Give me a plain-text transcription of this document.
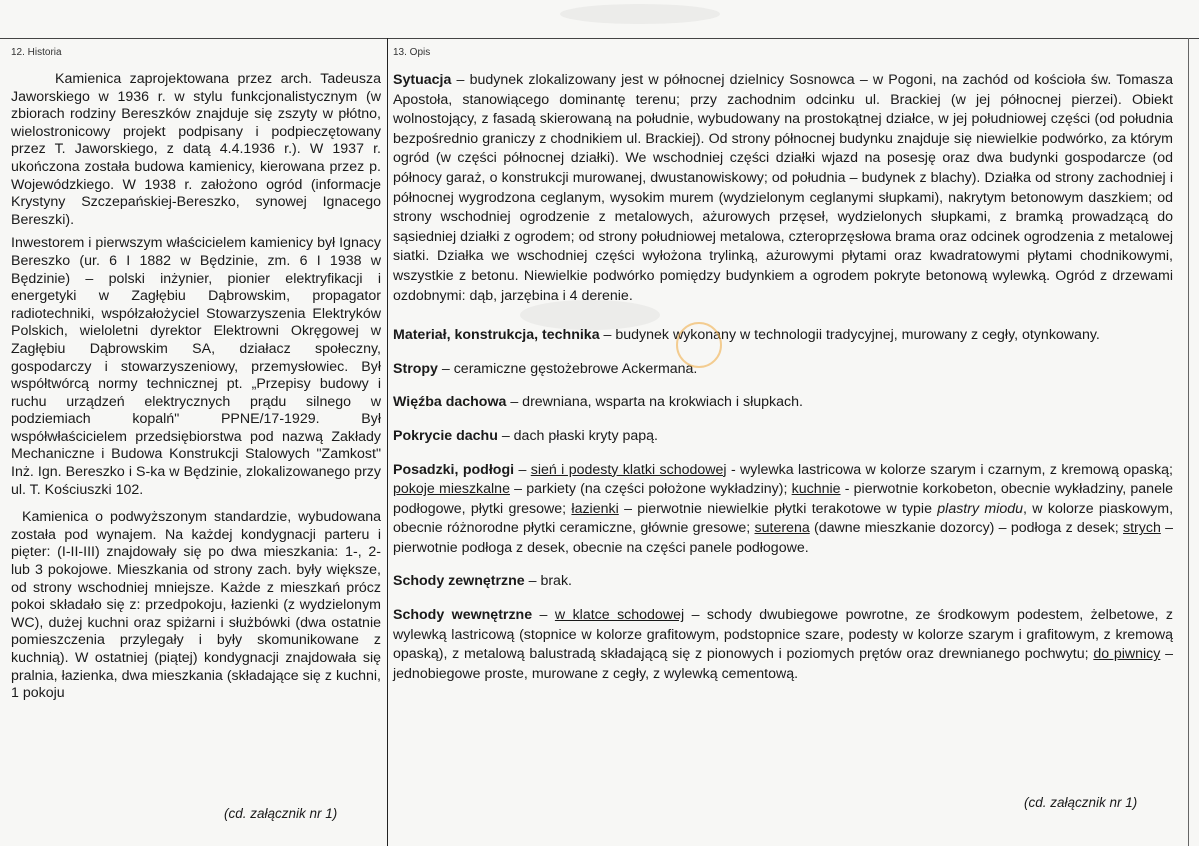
12. Historia	13. Opis

Kamienica zaprojektowana przez arch. Tadeusza Jaworskiego w 1936 r. w stylu funkcjonalistycznym (w zbiorach rodziny Bereszków znajduje się zszyty w płótno, wielostronicowy projekt podpisany i podpieczętowany przez T. Jaworskiego, z datą 4.4.1936 r.). W 1937 r. ukończona została budowa kamienicy, kierowana przez p. Wojewódzkiego. W 1938 r. założono ogród (informacje Krystyny Szczepańskiej-Bereszko, synowej Ignacego Bereszki).

Inwestorem i pierwszym właścicielem kamienicy był Ignacy Bereszko (ur. 6 I 1882 w Będzinie, zm. 6 I 1938 w Będzinie) – polski inżynier, pionier elektryfikacji i energetyki w Zagłębiu Dąbrowskim, propagator radiotechniki, współzałożyciel Stowarzyszenia Elektryków Polskich, wieloletni dyrektor Elektrowni Okręgowej w Zagłębiu Dąbrowskim SA, działacz społeczny, gospodarczy i stowarzyszeniowy, przemysłowiec. Był współtwórcą normy technicznej pt. „Przepisy budowy i ruchu urządzeń elektrycznych prądu silnego w podziemiach kopalń" PPNE/17-1929. Był współwłaścicielem przedsiębiorstwa pod nazwą Zakłady Mechaniczne i Budowa Konstrukcji Stalowych "Zamkost" Inż. Ign. Bereszko i S-ka w Będzinie, zlokalizowanego przy ul. T. Kościuszki 102.

Kamienica o podwyższonym standardzie, wybudowana została pod wynajem. Na każdej kondygnacji parteru i pięter: (I-II-III) znajdowały się po dwa mieszkania: 1-, 2- lub 3 pokojowe. Mieszkania od strony zach. były większe, od strony wschodniej mniejsze. Każde z mieszkań prócz pokoi składało się z: przedpokoju, łazienki (z wydzielonym WC), dużej kuchni oraz spiżarni i służbówki (dwa ostatnie pomieszczenia przylegały i były skomunikowane z kuchnią). W ostatniej (piątej) kondygnacji znajdowała się pralnia, łazienka, dwa mieszkania (składające się z kuchni, 1 pokoju

(cd. załącznik nr 1)

Sytuacja – budynek zlokalizowany jest w północnej dzielnicy Sosnowca – w Pogoni, na zachód od kościoła św. Tomasza Apostoła, stanowiącego dominantę terenu; przy zachodnim odcinku ul. Brackiej (w jej północnej pierzei). Obiekt wolnostojący, z fasadą skierowaną na południe, wybudowany na prostokątnej działce, w jej południowej części (od południa bezpośrednio graniczy z chodnikiem ul. Brackiej). Od strony północnej budynku znajduje się niewielkie podwórko, za którym ogród (w części północnej działki). We wschodniej części działki wjazd na posesję oraz dwa budynki gospodarcze (od północy garaż, o konstrukcji murowanej, dwustanowiskowy; od południa – budynek z blachy). Działka od strony zachodniej i północnej wygrodzona ceglanym, wysokim murem (wydzielonym ceglanymi słupkami), nakrytym betonowym daszkiem; od strony wschodniej ogrodzenie z metalowych, ażurowych przęseł, wydzielonych słupkami, z bramką prowadzącą do sąsiedniej działki z ogrodem; od strony południowej metalowa, czteroprzęsłowa brama oraz odcinek ogrodzenia z metalowej siatki. Działka we wschodniej części wyłożona trylinką, ażurowymi płytami oraz kwadratowymi płytami chodnikowymi, wszystkie z betonu. Niewielkie podwórko pomiędzy budynkiem a ogrodem pokryte betonową wylewką. Ogród z drzewami ozdobnymi: dąb, jarzębina i 4 derenie.

Materiał, konstrukcja, technika – budynek wykonany w technologii tradycyjnej, murowany z cegły, otynkowany.

Stropy – ceramiczne gęstożebrowe Ackermana.

Więźba dachowa – drewniana, wsparta na krokwiach i słupkach.

Pokrycie dachu – dach płaski kryty papą.

Posadzki, podłogi – sień i podesty klatki schodowej - wylewka lastricowa w kolorze szarym i czarnym, z kremową opaską; pokoje mieszkalne – parkiety (na części położone wykładziny); kuchnie - pierwotnie korkobeton, obecnie wykładziny, panele podłogowe, płytki gresowe; łazienki – pierwotnie niewielkie płytki terakotowe w typie plastry miodu, w kolorze piaskowym, obecnie różnorodne płytki ceramiczne, głównie gresowe; suterena (dawne mieszkanie dozorcy) – podłoga z desek; strych – pierwotnie podłoga z desek, obecnie na części panele podłogowe.

Schody zewnętrzne – brak.

Schody wewnętrzne – w klatce schodowej – schody dwubiegowe powrotne, ze środkowym podestem, żelbetowe, z wylewką lastricową (stopnice w kolorze grafitowym, podstopnice szare, podesty w kolorze szarym i grafitowym, z kremową opaską), z metalową balustradą składającą się z pionowych i poziomych prętów oraz drewnianego pochwytu; do piwnicy – jednobiegowe proste, murowane z cegły, z wylewką cementową.

(cd. załącznik nr 1)
